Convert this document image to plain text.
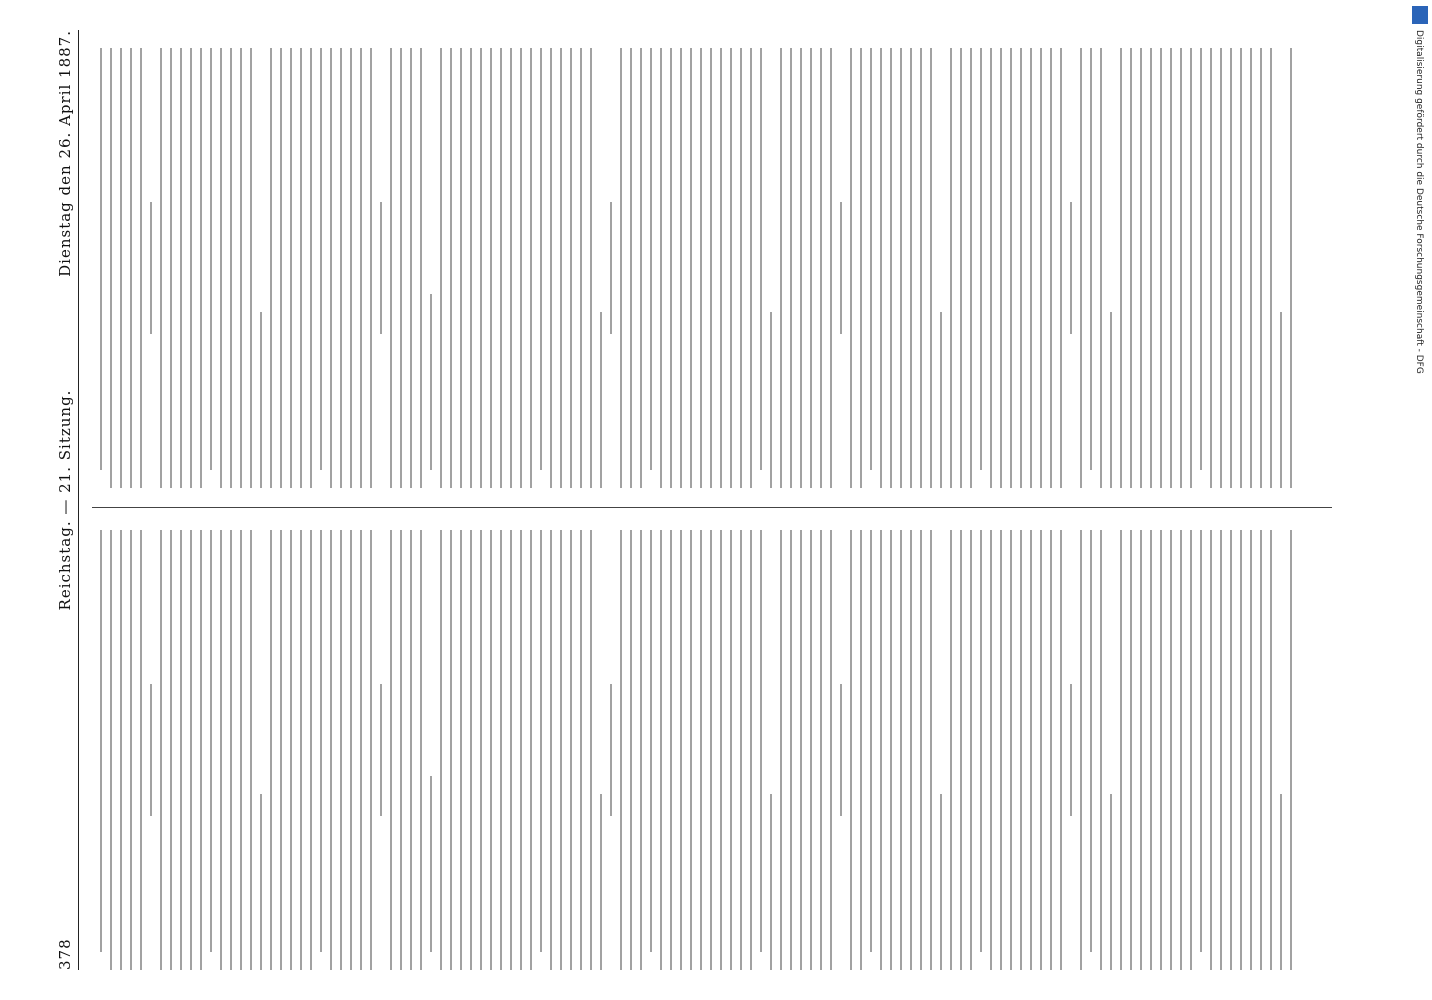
378
Reichstag. — 21. Sitzung.
Dienstag den 26. April 1887.	Digitalisierung gefördert durch die Deutsche Forschungsgemeinschaft - DFG
